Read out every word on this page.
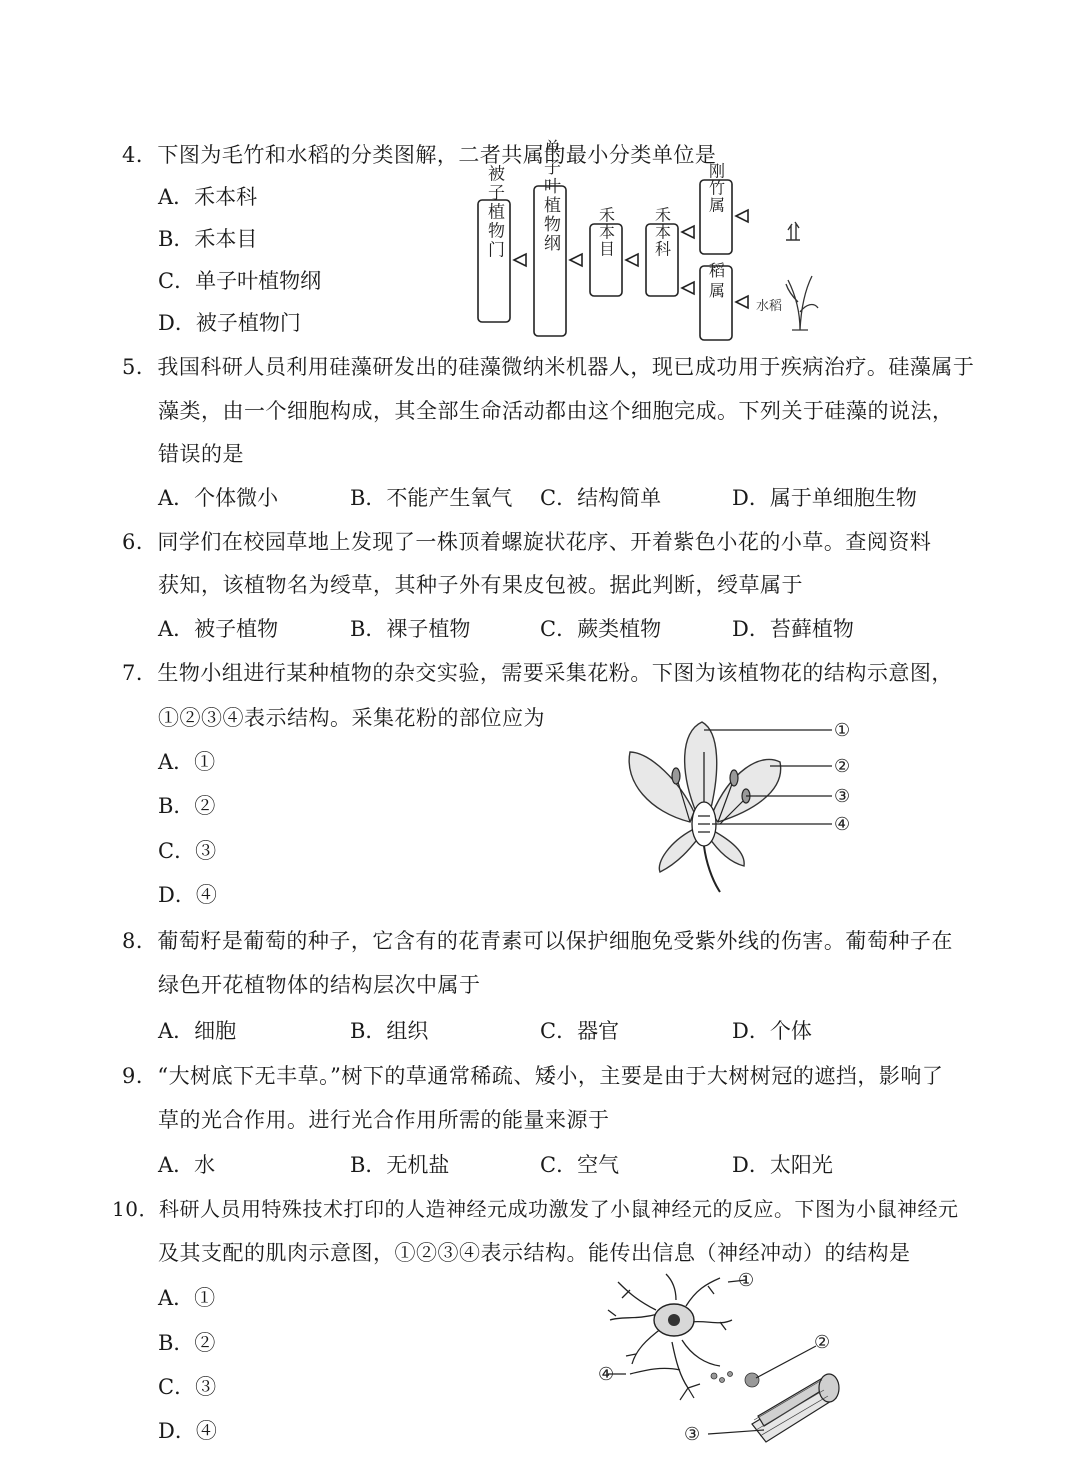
4．下图为毛竹和水稻的分类图解，二者共属的最小分类单位是
A．禾本科
B．禾本目
C．单子叶植物纲
D．被子植物门
被子植物门 单子叶植物纲 禾本目 禾本科
刚竹属
稻属
水稻
5．我国科研人员利用硅藻研发出的硅藻微纳米机器人，现已成功用于疾病治疗。硅藻属于
藻类，由一个细胞构成，其全部生命活动都由这个细胞完成。下列关于硅藻的说法，
错误的是
A．个体微小	B．不能产生氧气 C．结构简单	D．属于单细胞生物
6．同学们在校园草地上发现了一株顶着螺旋状花序、开着紫色小花的小草。查阅资料
获知，该植物名为绶草，其种子外有果皮包被。据此判断，绶草属于
A．被子植物	B．裸子植物	C．蕨类植物	D．苔藓植物
7．生物小组进行某种植物的杂交实验，需要采集花粉。下图为该植物花的结构示意图，
①②③④表示结构。采集花粉的部位应为
A．①
B．②
C．③
D．④
①
②
③
④
8．葡萄籽是葡萄的种子，它含有的花青素可以保护细胞免受紫外线的伤害。葡萄种子在
绿色开花植物体的结构层次中属于
A．细胞	B．组织	C．器官	D．个体
9．“大树底下无丰草。”树下的草通常稀疏、矮小，主要是由于大树树冠的遮挡，影响了
草的光合作用。进行光合作用所需的能量来源于
A．水	B．无机盐	C．空气	D．太阳光
10．科研人员用特殊技术打印的人造神经元成功激发了小鼠神经元的反应。下图为小鼠神经元
及其支配的肌肉示意图，①②③④表示结构。能传出信息（神经冲动）的结构是
A．①
B．②
C．③
D．④
①
②
③
④
